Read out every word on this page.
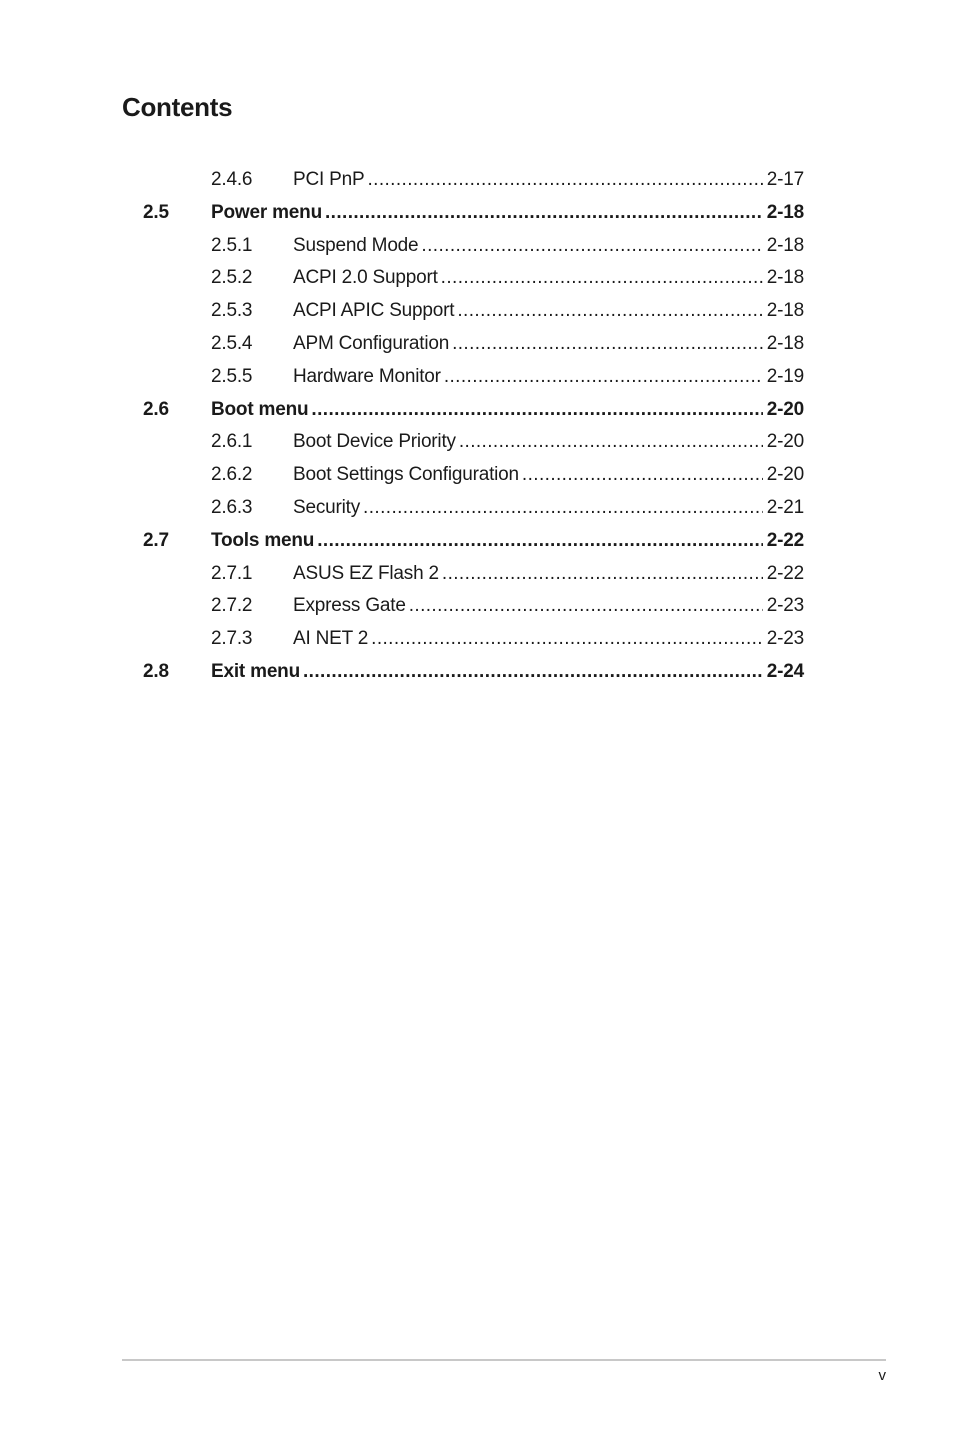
Contents
2.4.6	PCI PnP .....	2-17
2.5	Power menu .....	2-18
2.5.1	Suspend Mode .....	2-18
2.5.2	ACPI 2.0 Support .....	2-18
2.5.3	ACPI APIC Support .....	2-18
2.5.4	APM Configuration .....	2-18
2.5.5	Hardware Monitor .....	2-19
2.6	Boot menu .....	2-20
2.6.1	Boot Device Priority .....	2-20
2.6.2	Boot Settings Configuration .....	2-20
2.6.3	Security .....	2-21
2.7	Tools menu .....	2-22
2.7.1	ASUS EZ Flash 2 .....	2-22
2.7.2	Express Gate .....	2-23
2.7.3	AI NET 2 .....	2-23
2.8	Exit menu .....	2-24
v
